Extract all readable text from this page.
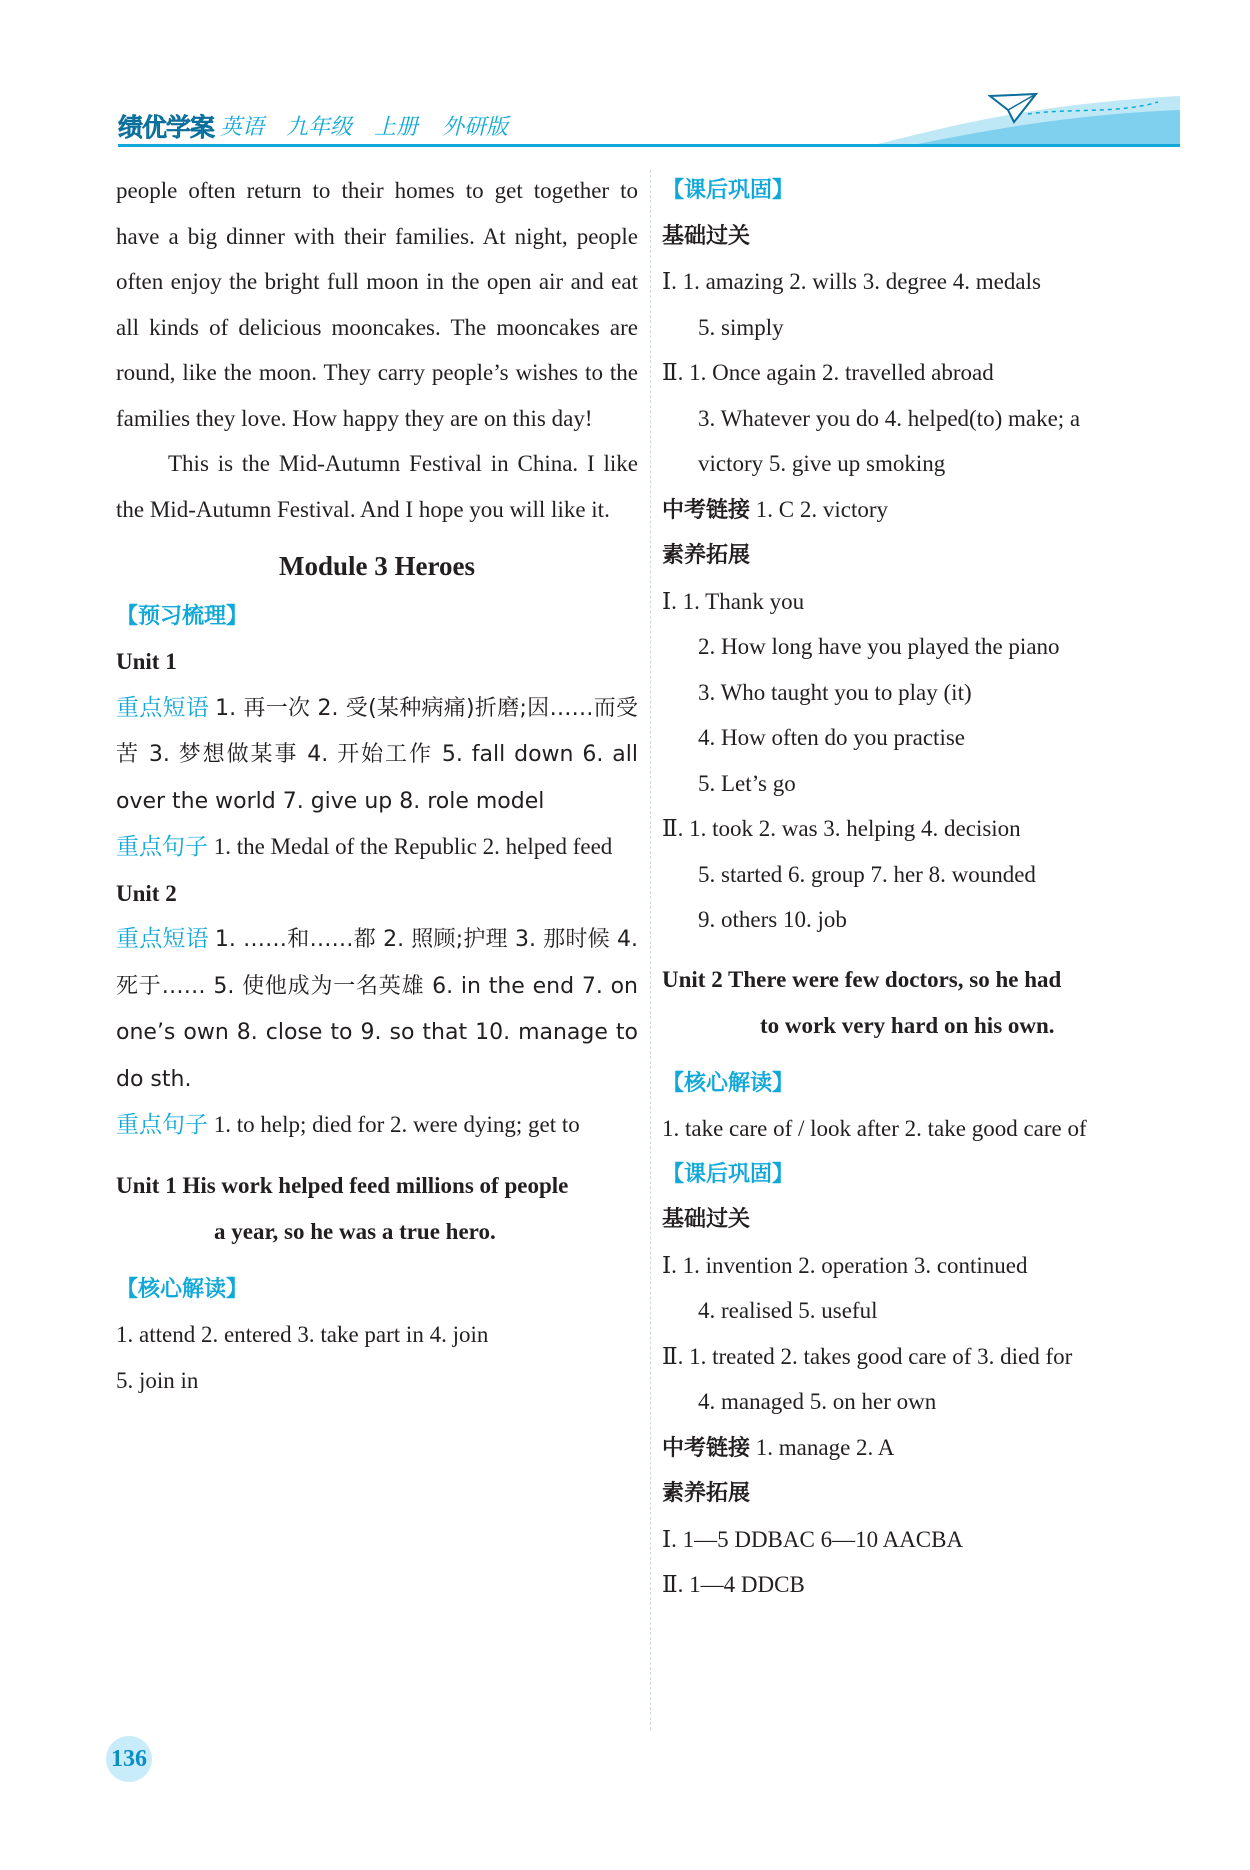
绩优学案 英语 九年级 上册 外研版

people often return to their homes to get together to have a big dinner with their families. At night, people often enjoy the bright full moon in the open air and eat all kinds of delicious mooncakes. The mooncakes are round, like the moon. They carry people’s wishes to the families they love. How happy they are on this day!

This is the Mid-Autumn Festival in China. I like the Mid-Autumn Festival. And I hope you will like it.

Module 3 Heroes
【预习梳理】
Unit 1

重点短语 1. 再一次 2. 受(某种病痛)折磨;因……而受苦 3. 梦想做某事 4. 开始工作 5. fall down 6. all over the world 7. give up 8. role model

重点句子 1. the Medal of the Republic 2. helped feed

Unit 2

重点短语 1. ……和……都 2. 照顾;护理 3. 那时候 4. 死于…… 5. 使他成为一名英雄 6. in the end 7. on one’s own 8. close to 9. so that 10. manage to do sth.

重点句子 1. to help; died for 2. were dying; get to

Unit 1 His work helped feed millions of people
a year, so he was a true hero.
【核心解读】
1. attend 2. entered 3. take part in 4. join
5. join in
【课后巩固】
基础过关
Ⅰ. 1. amazing 2. wills 3. degree 4. medals
5. simply
Ⅱ. 1. Once again 2. travelled abroad
3. Whatever you do 4. helped(to) make; a
victory 5. give up smoking
中考链接 1. C 2. victory
素养拓展
Ⅰ. 1. Thank you
2. How long have you played the piano
3. Who taught you to play (it)
4. How often do you practise
5. Let’s go
Ⅱ. 1. took 2. was 3. helping 4. decision
5. started 6. group 7. her 8. wounded
9. others 10. job
Unit 2 There were few doctors, so he had
to work very hard on his own.
【核心解读】
1. take care of / look after 2. take good care of
【课后巩固】
基础过关
Ⅰ. 1. invention 2. operation 3. continued
4. realised 5. useful
Ⅱ. 1. treated 2. takes good care of 3. died for
4. managed 5. on her own
中考链接 1. manage 2. A
素养拓展
Ⅰ. 1—5 DDBAC 6—10 AACBA
Ⅱ. 1—4 DDCB
136
